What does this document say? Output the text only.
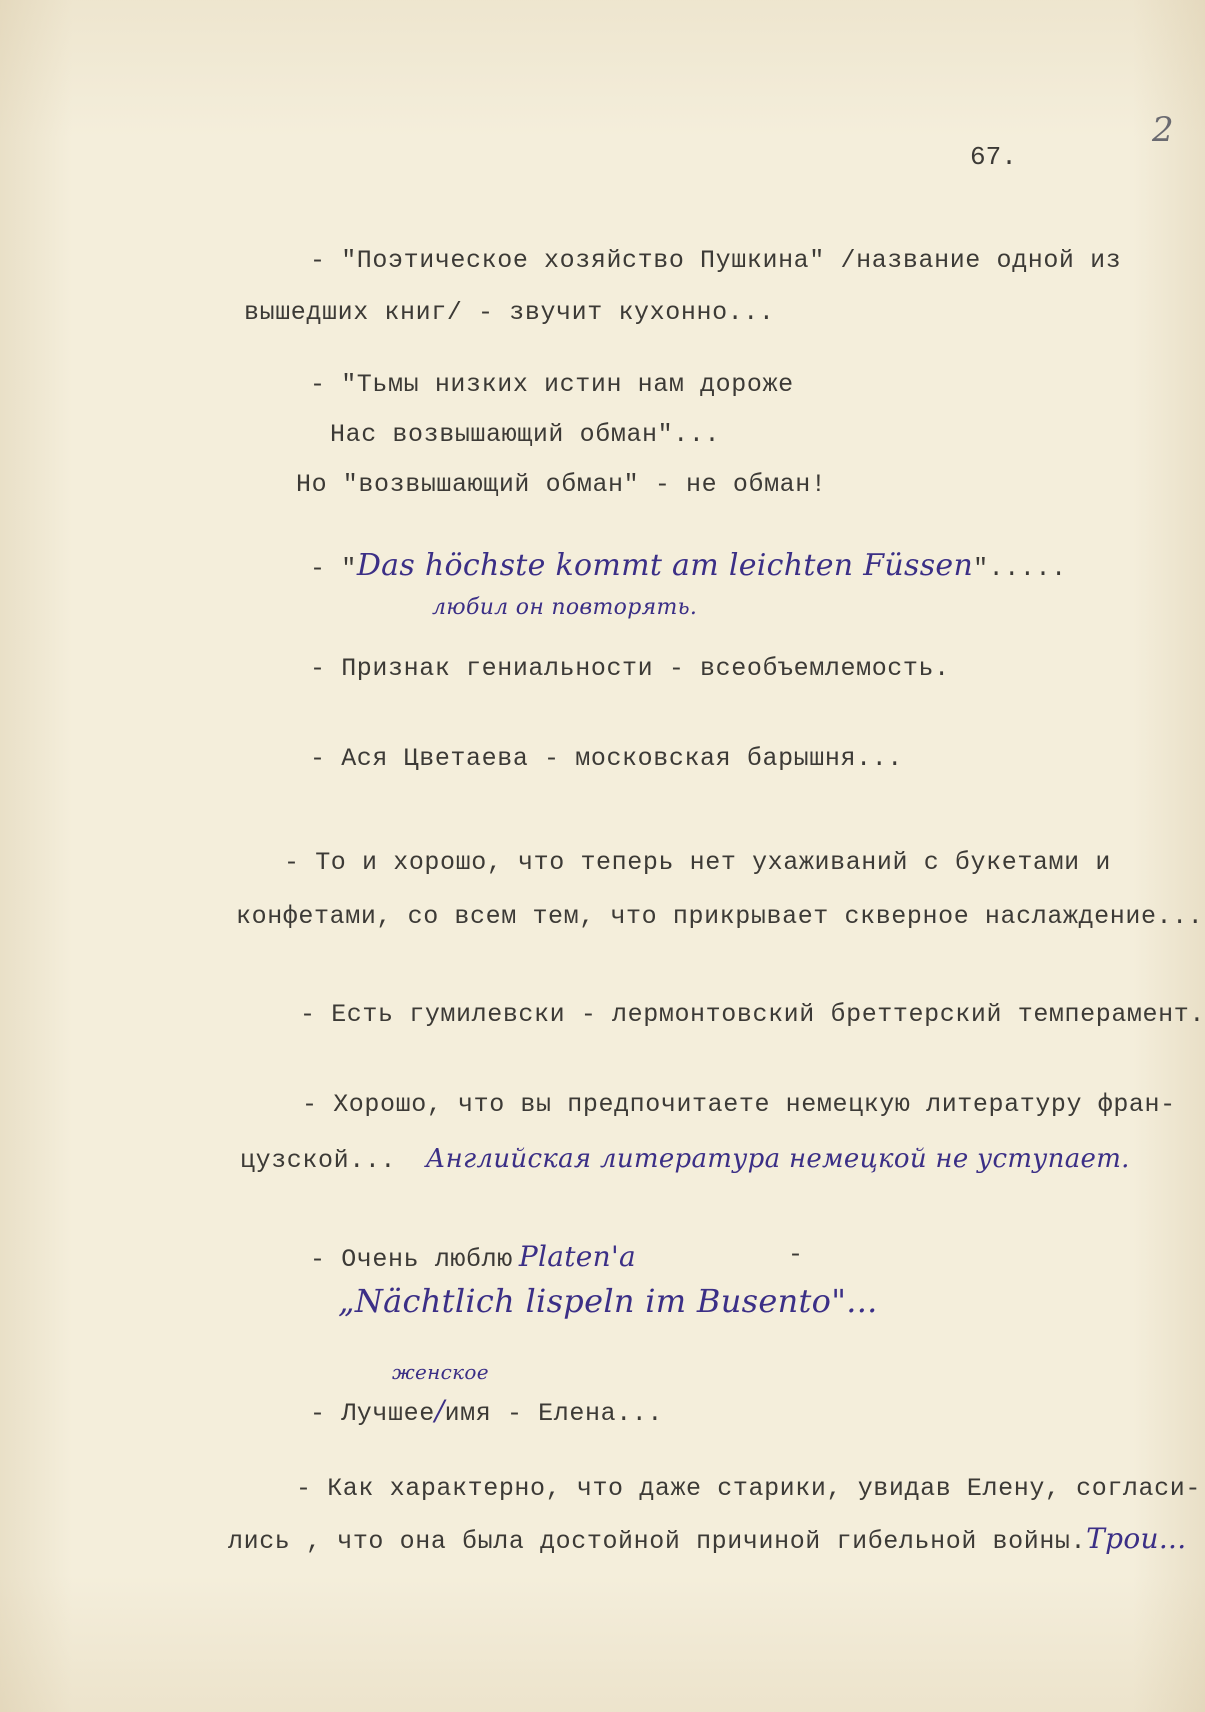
2
67.
- "Поэтическое хозяйство Пушкина" /название одной из
вышедших книг/ - звучит кухонно...
- "Тьмы низких истин нам дороже
Нас возвышающий обман"...
Но "возвышающий обман" - не обман!
- "Das höchste kommt am leichten Füssen".....
любил он повторять.
- Признак гениальности - всеобъемлемость.
- Ася Цветаева - московская барышня...
- То и хорошо, что теперь нет ухаживаний с букетами и
конфетами, со всем тем, что прикрывает скверное наслаждение...
- Есть гумилевски - лермонтовский бреттерский темперамент.
- Хорошо, что вы предпочитаете немецкую литературу фран-
цузской... Английская литература немецкой не уступает.
- Очень люблю Platen'a	-
„Nächtlich lispeln im Busento"...
женское
- Лучшее/имя - Елена...
- Как характерно, что даже старики, увидав Елену, согласи-
лись , что она была достойной причиной гибельной войны.Трои...
